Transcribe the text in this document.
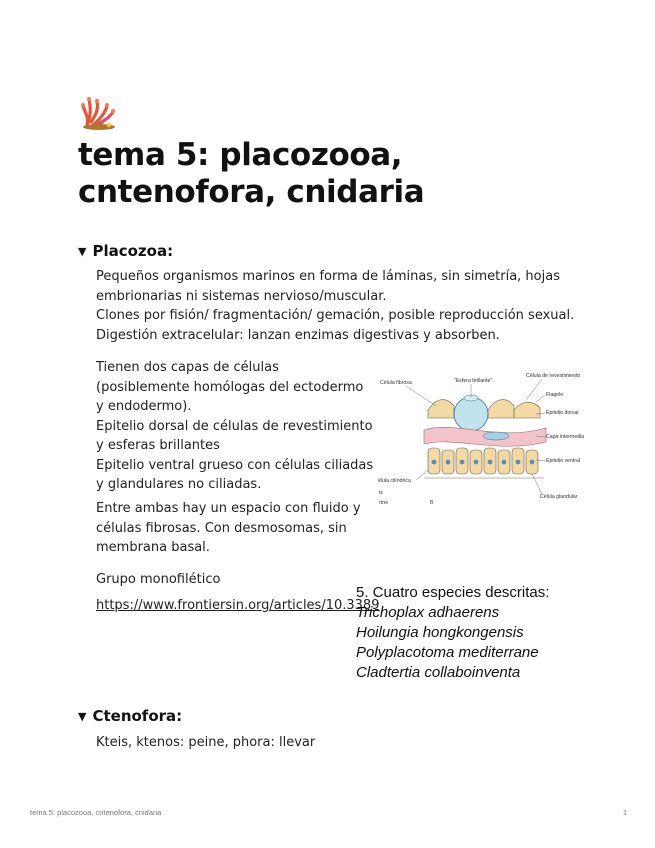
tema 5: placozooa, cntenofora, cnidaria
▼ Placozoa:

Pequeños organismos marinos en forma de láminas, sin simetría, hojas
embrionarias ni sistemas nervioso/muscular.
Clones por fisión/ fragmentación/ gemación, posible reproducción sexual.
Digestión extracelular: lanzan enzimas digestivas y absorben.

Tienen dos capas de células
(posiblemente homólogas del ectodermo
y endodermo).
Epitelio dorsal de células de revestimiento
y esferas brillantes
Epitelio ventral grueso con células ciliadas
y glandulares no ciliadas.

Entre ambas hay un espacio con fluido y
células fibrosas. Con desmosomas, sin
membrana basal.

Grupo monofilético

https://www.frontiersin.org/articles/10.3389
Célula fibrosa	"Esfera brillante"
Célula de revestimiento
Flagelo
Epitelio dorsal
Capa intermedia
Epitelio ventral
élula cilíndrica
Célula glandular
is
rtno	B
5. Cuatro especies descritas:
Trichoplax adhaerens
Hoilungia hongkongensis
Polyplacotoma mediterrane
Cladtertia collaboinventa
▼ Ctenofora:

Kteis, ktenos: peine, phora: llevar

tema 5: placozooa, cntenofora, cnidaria	1
